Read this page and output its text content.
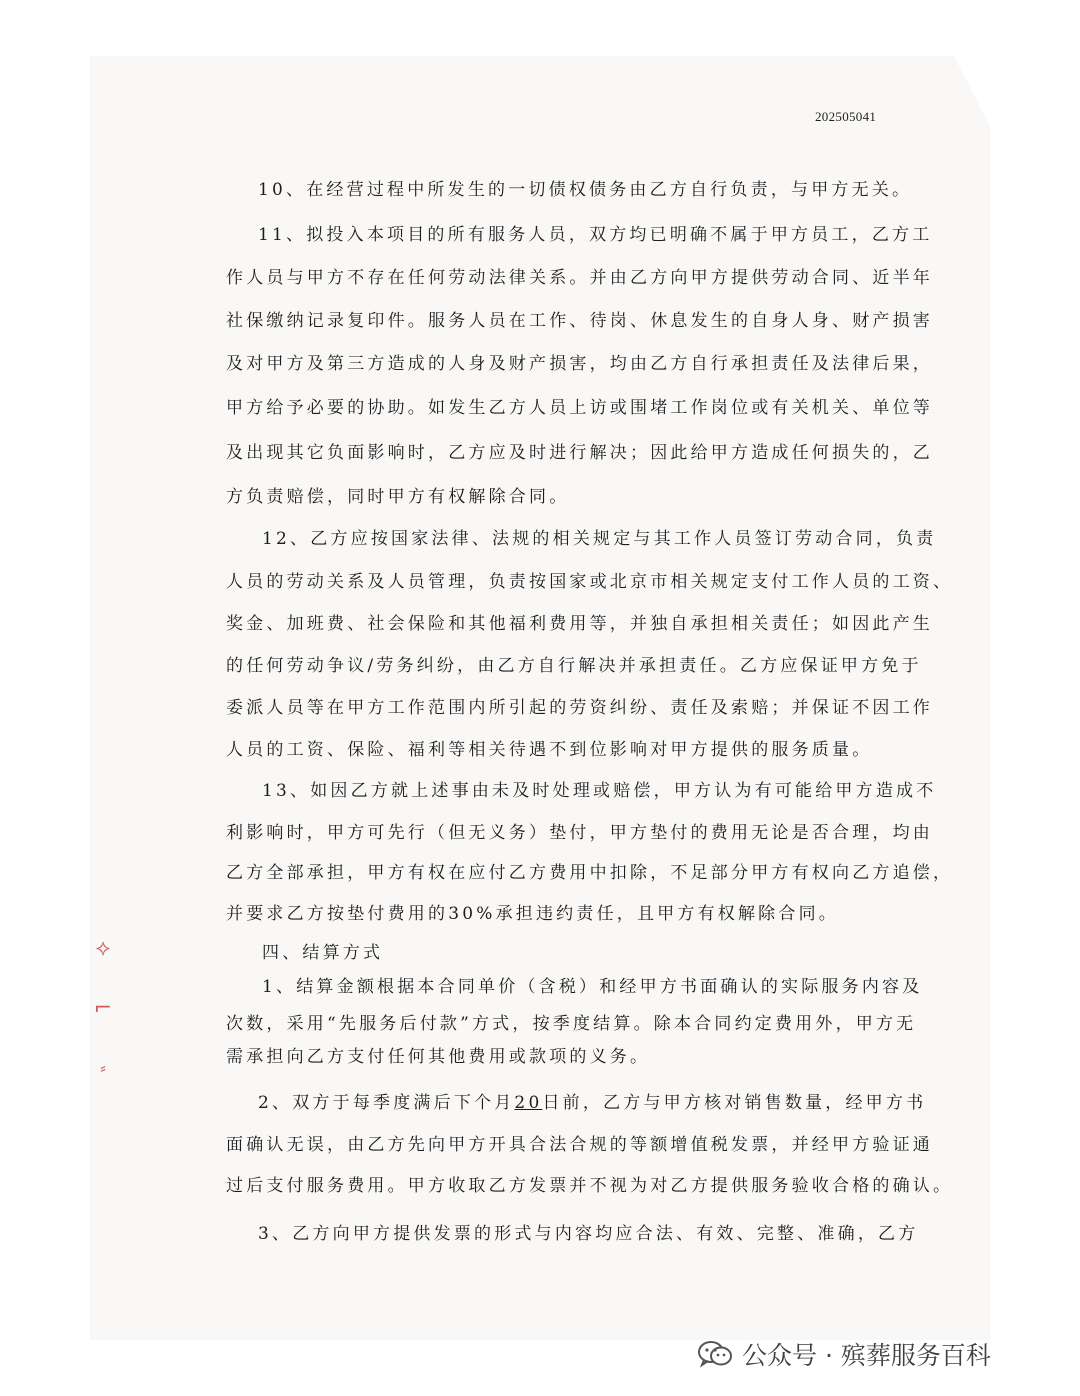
202505041
10、在经营过程中所发生的一切债权债务由乙方自行负责，与甲方无关。
11、拟投入本项目的所有服务人员，双方均已明确不属于甲方员工，乙方工
作人员与甲方不存在任何劳动法律关系。并由乙方向甲方提供劳动合同、近半年
社保缴纳记录复印件。服务人员在工作、待岗、休息发生的自身人身、财产损害
及对甲方及第三方造成的人身及财产损害，均由乙方自行承担责任及法律后果，
甲方给予必要的协助。如发生乙方人员上访或围堵工作岗位或有关机关、单位等
及出现其它负面影响时，乙方应及时进行解决；因此给甲方造成任何损失的，乙
方负责赔偿，同时甲方有权解除合同。
12、乙方应按国家法律、法规的相关规定与其工作人员签订劳动合同，负责
人员的劳动关系及人员管理，负责按国家或北京市相关规定支付工作人员的工资、
奖金、加班费、社会保险和其他福利费用等，并独自承担相关责任；如因此产生
的任何劳动争议/劳务纠纷，由乙方自行解决并承担责任。乙方应保证甲方免于
委派人员等在甲方工作范围内所引起的劳资纠纷、责任及索赔；并保证不因工作
人员的工资、保险、福利等相关待遇不到位影响对甲方提供的服务质量。
13、如因乙方就上述事由未及时处理或赔偿，甲方认为有可能给甲方造成不
利影响时，甲方可先行（但无义务）垫付，甲方垫付的费用无论是否合理，均由
乙方全部承担，甲方有权在应付乙方费用中扣除，不足部分甲方有权向乙方追偿，
并要求乙方按垫付费用的30%承担违约责任，且甲方有权解除合同。
四、结算方式
1、结算金额根据本合同单价（含税）和经甲方书面确认的实际服务内容及
次数，采用“先服务后付款”方式，按季度结算。除本合同约定费用外，甲方无
需承担向乙方支付任何其他费用或款项的义务。
2、双方于每季度满后下个月20日前，乙方与甲方核对销售数量，经甲方书
面确认无误，由乙方先向甲方开具合法合规的等额增值税发票，并经甲方验证通
过后支付服务费用。甲方收取乙方发票并不视为对乙方提供服务验收合格的确认。
3、乙方向甲方提供发票的形式与内容均应合法、有效、完整、准确，乙方
⟡
⌐
⸗
公众号 · 殡葬服务百科
